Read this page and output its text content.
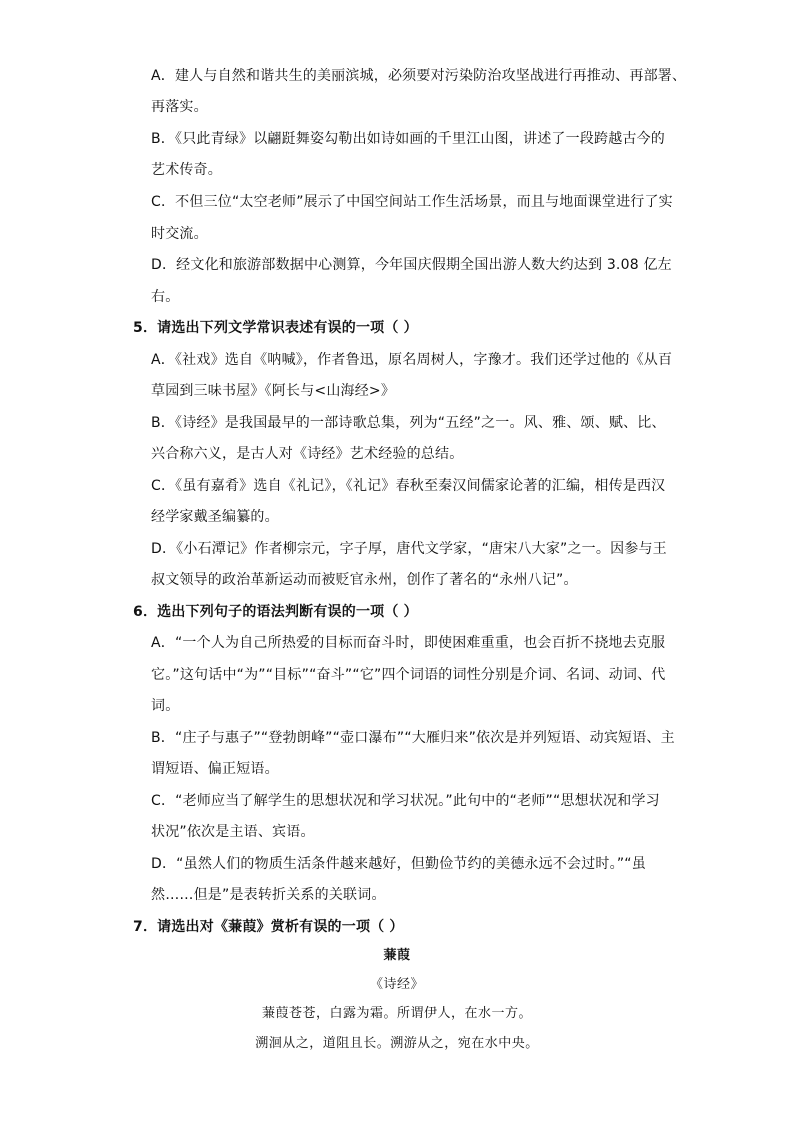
A．建人与自然和谐共生的美丽滨城，必须要对污染防治攻坚战进行再推动、再部署、
再落实。
B．《只此青绿》以翩跹舞姿勾勒出如诗如画的千里江山图，讲述了一段跨越古今的
艺术传奇。
C．不但三位“太空老师”展示了中国空间站工作生活场景，而且与地面课堂进行了实
时交流。
D．经文化和旅游部数据中心测算，今年国庆假期全国出游人数大约达到 3.08 亿左
右。
5．请选出下列文学常识表述有误的一项（ ）
A．《社戏》选自《呐喊》，作者鲁迅，原名周树人，字豫才。我们还学过他的《从百
草园到三味书屋》《阿长与<山海经>》
B．《诗经》是我国最早的一部诗歌总集，列为“五经”之一。风、雅、颂、赋、比、
兴合称六义，是古人对《诗经》艺术经验的总结。
C．《虽有嘉肴》选自《礼记》，《礼记》春秋至秦汉间儒家论著的汇编，相传是西汉
经学家戴圣编纂的。
D．《小石潭记》作者柳宗元，字子厚，唐代文学家，“唐宋八大家”之一。因参与王
叔文领导的政治革新运动而被贬官永州，创作了著名的“永州八记”。
6．选出下列句子的语法判断有误的一项（ ）
A．“一个人为自己所热爱的目标而奋斗时，即使困难重重，也会百折不挠地去克服
它。”这句话中“为”“目标”“奋斗”“它”四个词语的词性分别是介词、名词、动词、代
词。
B．“庄子与惠子”“登勃朗峰”“壶口瀑布”“大雁归来”依次是并列短语、动宾短语、主
谓短语、偏正短语。
C．“老师应当了解学生的思想状况和学习状况。”此句中的“老师”“思想状况和学习
状况”依次是主语、宾语。
D．“虽然人们的物质生活条件越来越好，但勤俭节约的美德永远不会过时。”“虽
然……但是”是表转折关系的关联词。
7．请选出对《蒹葭》赏析有误的一项（ ）
蒹葭
《诗经》
蒹葭苍苍，白露为霜。所谓伊人，在水一方。
溯洄从之，道阻且长。溯游从之，宛在水中央。
